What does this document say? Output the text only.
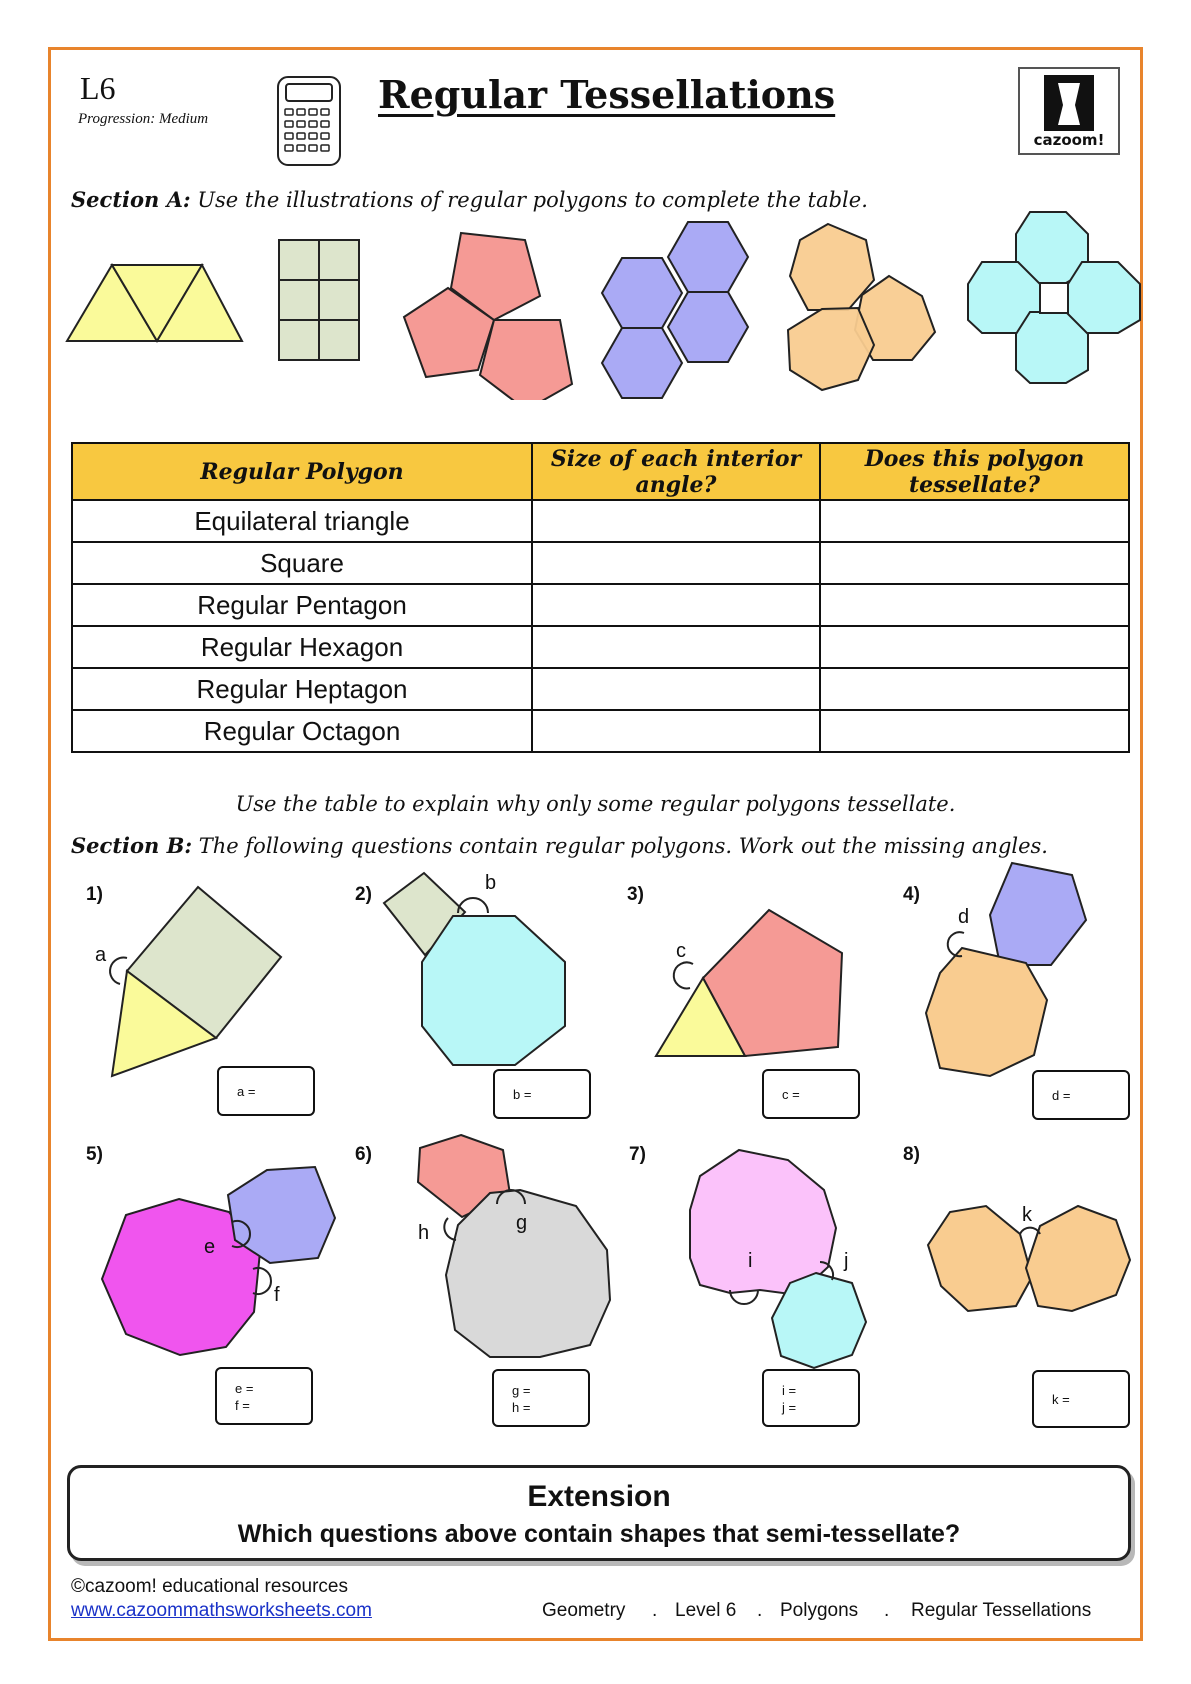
L6
Progression: Medium
Regular Tessellations
cazoom!
Section A: Use the illustrations of regular polygons to complete the table.
Regular Polygon	Size of each interior angle?	Does this polygon tessellate?
Equilateral triangle		
Square		
Regular Pentagon		
Regular Hexagon		
Regular Heptagon		
Regular Octagon		
Use the table to explain why only some regular polygons tessellate.
Section B: The following questions contain regular polygons. Work out the missing angles.
1)	2)	3)	4)
5)	6)	7)	8)
a
b
c
d
e
f
g
h
i	j
k
a =	b =	c =	d =
e =
f =
g =
h =
i =
j =
k =
Extension
Which questions above contain shapes that semi-tessellate?
©cazoom! educational resources
www.cazoommathsworksheets.com	Geometry . Level 6 . Polygons . Regular Tessellations
